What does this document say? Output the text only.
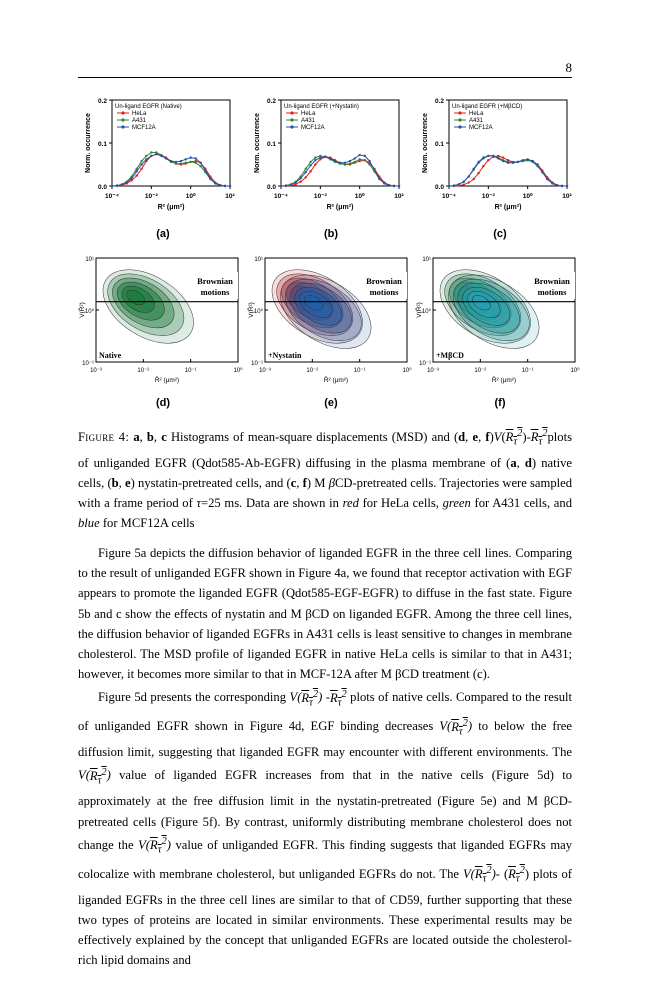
8
0.0
0.1
0.2
10⁻⁴	10⁻²	10⁰	10²
R² (μm²)
Norm. occurrence
Un-ligand EGFR (Native)
HeLa
A431
MCF12A
0.0
0.1
0.2
10⁻⁴	10⁻²	10⁰	10²
R² (μm²)
Norm. occurrence
Un-ligand EGFR (+Nystatin)
HeLa
A431
MCF12A
0.0
0.1
0.2
10⁻⁴	10⁻²	10⁰	10²
R² (μm²)
Norm. occurrence
Un-ligand EGFR (+MβCD)
HeLa
A431
MCF12A
(a)	(b)	(c)
Brownian
motions
Native
10¹
10⁰
10⁻¹
10⁻³	10⁻²	10⁻¹	10⁰
R̄² (μm²)
V(R̄²)
Brownian
motions
+Nystatin
10¹
10⁰
10⁻¹
10⁻³	10⁻²	10⁻¹	10⁰
R̄² (μm²)
V(R̄²)
Brownian
motions
+MβCD
10¹
10⁰
10⁻¹
10⁻³	10⁻²	10⁻¹	10⁰
R̄² (μm²)
V(R̄²)
(d)	(e)	(f)
Figure 4: a, b, c Histograms of mean-square displacements (MSD) and (d, e, $f)V(R_\tau^2)-R_\tau^2plots$ of unliganded EGFR (Qdot585-Ab-EGFR) diffusing in the plasma membrane of (a, d) native cells, (b, e) nystatin-pretreated cells, and (c, f) M βCD-pretreated cells. Trajectories were sampled with a frame period of τ=25 ms. Data are shown in red for HeLa cells, green for A431 cells, and blue for MCF12A cells

Figure 5a depicts the diffusion behavior of liganded EGFR in the three cell lines. Comparing to the result of unliganded EGFR shown in Figure 4a, we found that receptor activation with EGF appears to promote the liganded EGFR (Qdot585-EGF-EGFR) to diffuse in the fast state. Figure 5b and c show the effects of nystatin and M βCD on liganded EGFR. Among the three cell lines, the diffusion behavior of liganded EGFRs in A431 cells is least sensitive to changes in membrane cholesterol. The MSD profile of liganded EGFR in native HeLa cells is similar to that in A431; however, it becomes more similar to that in MCF-12A after M βCD treatment (c).

Figure 5d presents the corresponding $V(R_\tau^2)$ $-R_\tau^2$ plots of native cells. Compared to the result of unliganded EGFR shown in Figure 4d, EGF binding decreases $V(R_\tau^2)$ to below the free diffusion limit, suggesting that liganded EGFR may encounter with different environments. The $V(R_\tau^2)$ value of liganded EGFR increases from that in the native cells (Figure 5d) to approximately at the free diffusion limit in the nystatin-pretreated (Figure 5e) and M βCD-pretreated cells (Figure 5f). By contrast, uniformly distributing membrane cholesterol does not change the $V(R_\tau^2)$ value of unliganded EGFR. This finding suggests that liganded EGFRs may colocalize with membrane cholesterol, but unliganded EGFRs do not. The $V(R_\tau^2)-$ $(R_\tau^2)$ plots of liganded EGFRs in the three cell lines are similar to that of CD59, further supporting that these two types of proteins are located in similar environments. These experimental results may be effectively explained by the concept that unliganded EGFRs are located outside the cholesterol-rich lipid domains and
